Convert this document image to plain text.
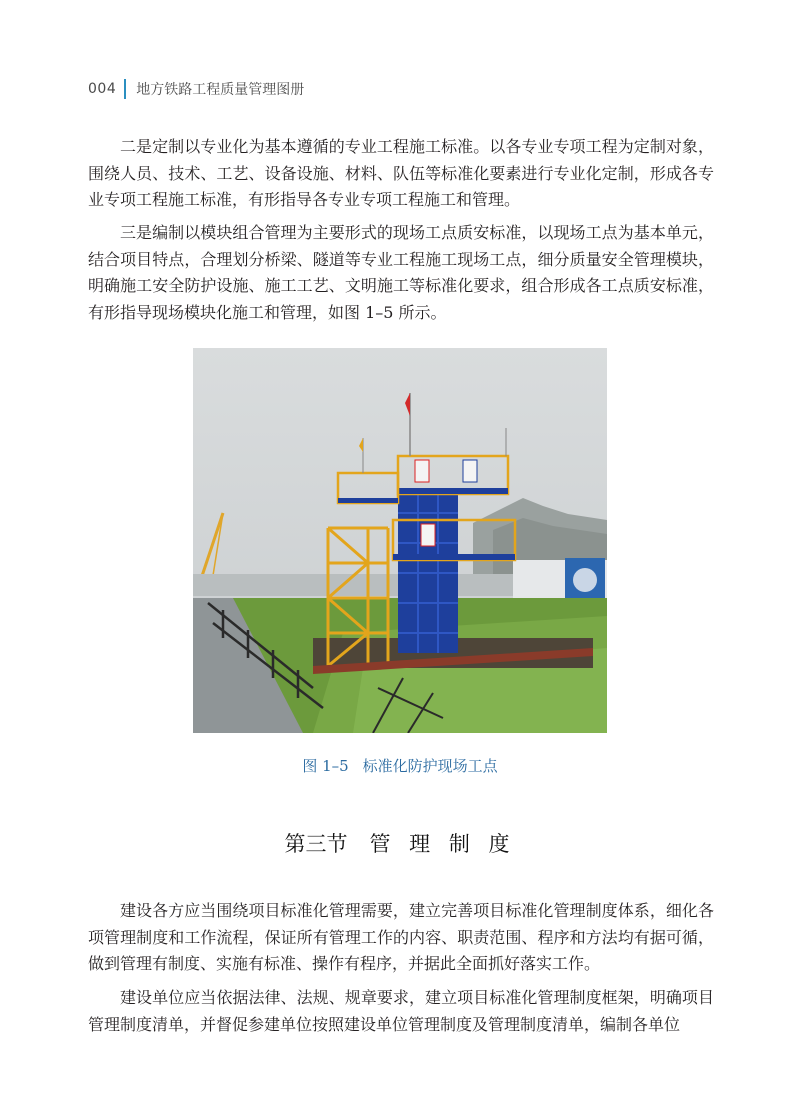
004 地方铁路工程质量管理图册

二是定制以专业化为基本遵循的专业工程施工标准。以各专业专项工程为定制对象，围绕人员、技术、工艺、设备设施、材料、队伍等标准化要素进行专业化定制，形成各专业专项工程施工标准，有形指导各专业专项工程施工和管理。

三是编制以模块组合管理为主要形式的现场工点质安标准，以现场工点为基本单元，结合项目特点，合理划分桥梁、隧道等专业工程施工现场工点，细分质量安全管理模块，明确施工安全防护设施、施工工艺、文明施工等标准化要求，组合形成各工点质安标准，有形指导现场模块化施工和管理，如图 1–5 所示。

图 1–5 标准化防护现场工点
第三节 管 理 制 度

建设各方应当围绕项目标准化管理需要，建立完善项目标准化管理制度体系，细化各项管理制度和工作流程，保证所有管理工作的内容、职责范围、程序和方法均有据可循，做到管理有制度、实施有标准、操作有程序，并据此全面抓好落实工作。

建设单位应当依据法律、法规、规章要求，建立项目标准化管理制度框架，明确项目管理制度清单，并督促参建单位按照建设单位管理制度及管理制度清单，编制各单位
